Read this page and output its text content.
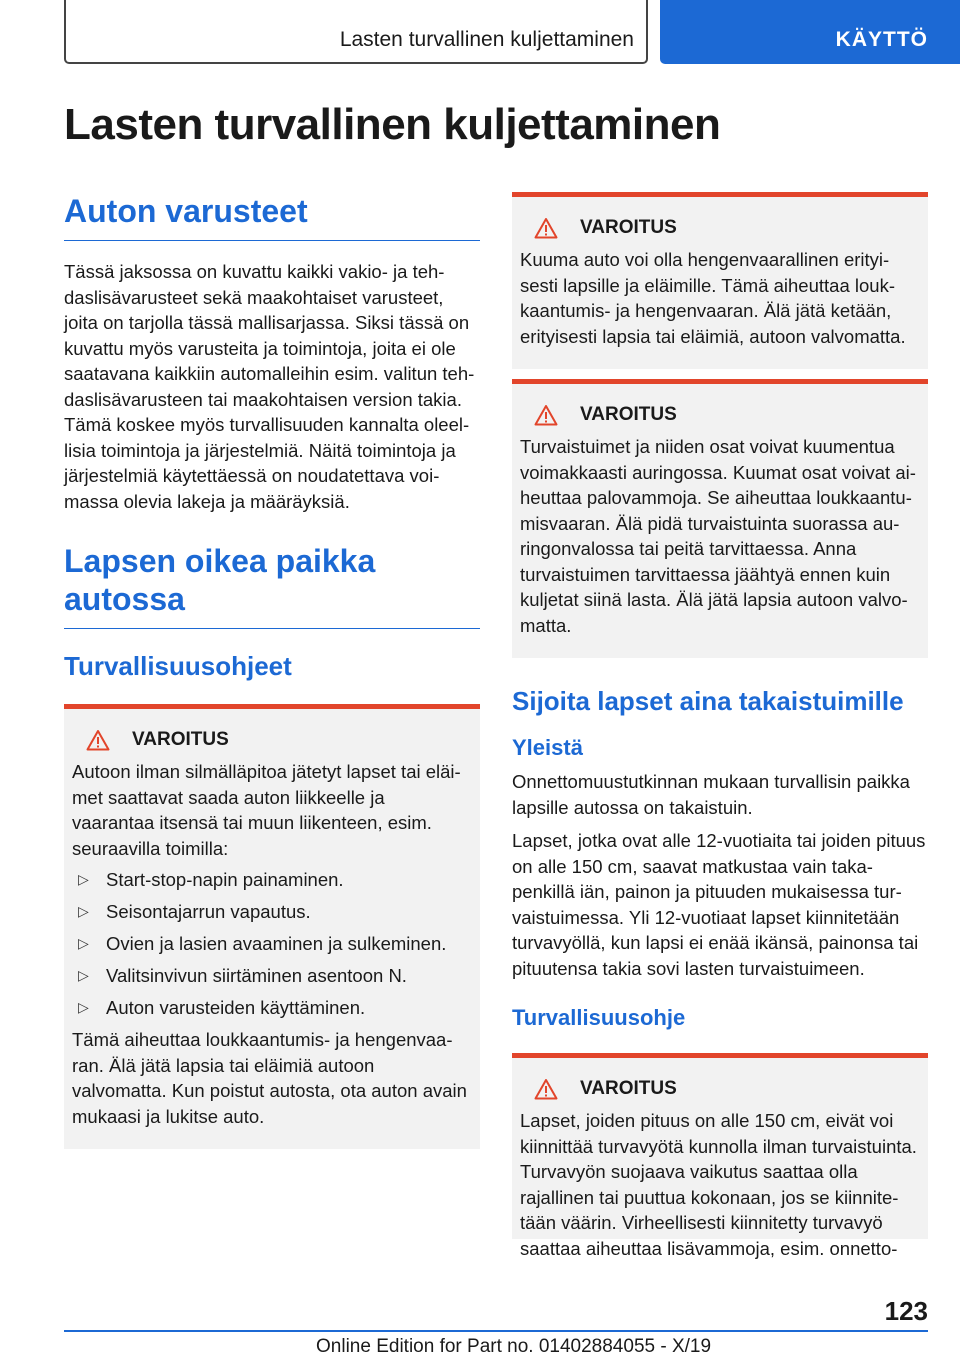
Lasten turvallinen kuljettaminen	KÄYTTÖ
Lasten turvallinen kuljettaminen
Auton varusteet

Tässä jaksossa on kuvattu kaikki vakio- ja tehdaslisävarusteet sekä maakohtaiset varusteet, joita on tarjolla tässä mallisarjassa. Siksi tässä on kuvattu myös varusteita ja toimintoja, joita ei ole saatavana kaikkiin automalleihin esim. valitun tehdaslisävarusteen tai maakohtaisen version takia. Tämä koskee myös turvallisuuden kannalta oleellisia toimintoja ja järjestelmiä. Näitä toimintoja ja järjestelmiä käytettäessä on noudatettava voimassa olevia lakeja ja määräyksiä.

Lapsen oikea paikka autossa
Turvallisuusohjeet
VAROITUS

Autoon ilman silmälläpitoa jätetyt lapset tai eläimet saattavat saada auton liikkeelle ja vaarantaa itsensä tai muun liikenteen, esim. seuraavilla toimilla:

▷ Start-stop-napin painaminen.
▷ Seisontajarrun vapautus.
▷ Ovien ja lasien avaaminen ja sulkeminen.
▷ Valitsinvivun siirtäminen asentoon N.
▷ Auton varusteiden käyttäminen.

Tämä aiheuttaa loukkaantumis- ja hengenvaaran. Älä jätä lapsia tai eläimiä autoon valvomatta. Kun poistut autosta, ota auton avain mukaasi ja lukitse auto.

VAROITUS

Kuuma auto voi olla hengenvaarallinen erityisesti lapsille ja eläimille. Tämä aiheuttaa loukkaantumis- ja hengenvaaran. Älä jätä ketään, erityisesti lapsia tai eläimiä, autoon valvomatta.

VAROITUS

Turvaistuimet ja niiden osat voivat kuumentua voimakkaasti auringossa. Kuumat osat voivat aiheuttaa palovammoja. Se aiheuttaa loukkaantumisvaaran. Älä pidä turvaistuinta suorassa auringonvalossa tai peitä tarvittaessa. Anna turvaistuimen tarvittaessa jäähtyä ennen kuin kuljetat siinä lasta. Älä jätä lapsia autoon valvomatta.

Sijoita lapset aina takaistuimille
Yleistä

Onnettomuustutkinnan mukaan turvallisin paikka lapsille autossa on takaistuin.

Lapset, jotka ovat alle 12-vuotiaita tai joiden pituus on alle 150 cm, saavat matkustaa vain takapenkillä iän, painon ja pituuden mukaisessa turvaistuimessa. Yli 12-vuotiaat lapset kiinnitetään turvavyöllä, kun lapsi ei enää ikänsä, painonsa tai pituutensa takia sovi lasten turvaistuimeen.

Turvallisuusohje
VAROITUS

Lapset, joiden pituus on alle 150 cm, eivät voi kiinnittää turvavyötä kunnolla ilman turvaistuinta. Turvavyön suojaava vaikutus saattaa olla rajallinen tai puuttua kokonaan, jos se kiinnitetään väärin. Virheellisesti kiinnitetty turvavyö saattaa aiheuttaa lisävammoja, esim. onnetto-

123
Online Edition for Part no. 01402884055 - X/19
